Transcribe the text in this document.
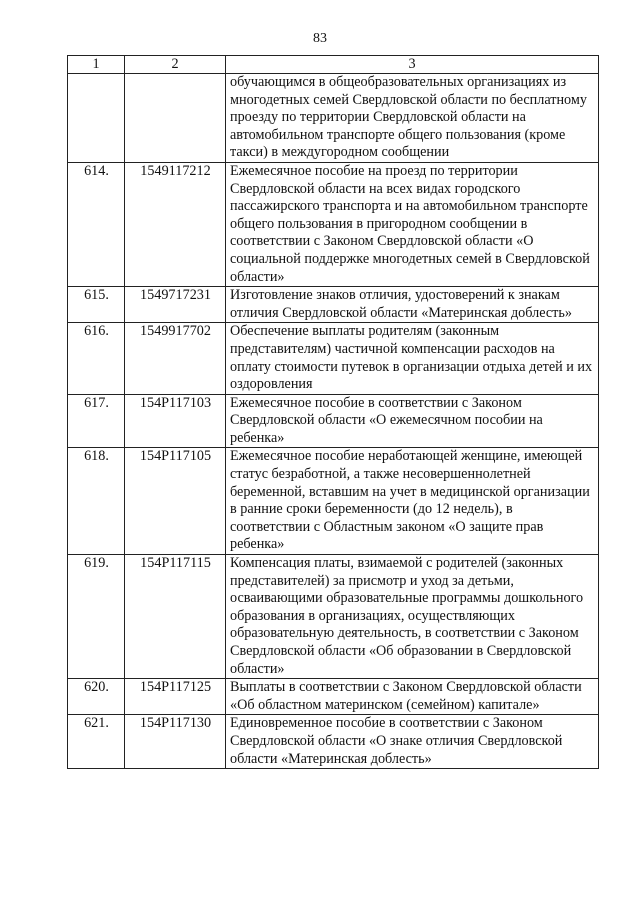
83
1	2	3
		обучающимся в общеобразовательных организациях из многодетных семей Свердловской области по бесплатному проезду по территории Свердловской области на автомобильном транспорте общего пользования (кроме такси) в междугородном сообщении
614.	1549117212	Ежемесячное пособие на проезд по территории Свердловской области на всех видах городского пассажирского транспорта и на автомобильном транспорте общего пользования в пригородном сообщении в соответствии с Законом Свердловской области «О социальной поддержке многодетных семей в Свердловской области»
615.	1549717231	Изготовление знаков отличия, удостоверений к знакам отличия Свердловской области «Материнская доблесть»
616.	1549917702	Обеспечение выплаты родителям (законным представителям) частичной компенсации расходов на оплату стоимости путевок в организации отдыха детей и их оздоровления
617.	154P117103	Ежемесячное пособие в соответствии с Законом Свердловской области «О ежемесячном пособии на ребенка»
618.	154P117105	Ежемесячное пособие неработающей женщине, имеющей статус безработной, а также несовершеннолетней беременной, вставшим на учет в медицинской организации в ранние сроки беременности (до 12 недель), в соответствии с Областным законом «О защите прав ребенка»
619.	154P117115	Компенсация платы, взимаемой с родителей (законных представителей) за присмотр и уход за детьми, осваивающими образовательные программы дошкольного образования в организациях, осуществляющих образовательную деятельность, в соответствии с Законом Свердловской области «Об образовании в Свердловской области»
620.	154P117125	Выплаты в соответствии с Законом Свердловской области «Об областном материнском (семейном) капитале»
621.	154P117130	Единовременное пособие в соответствии с Законом Свердловской области «О знаке отличия Свердловской области «Материнская доблесть»
